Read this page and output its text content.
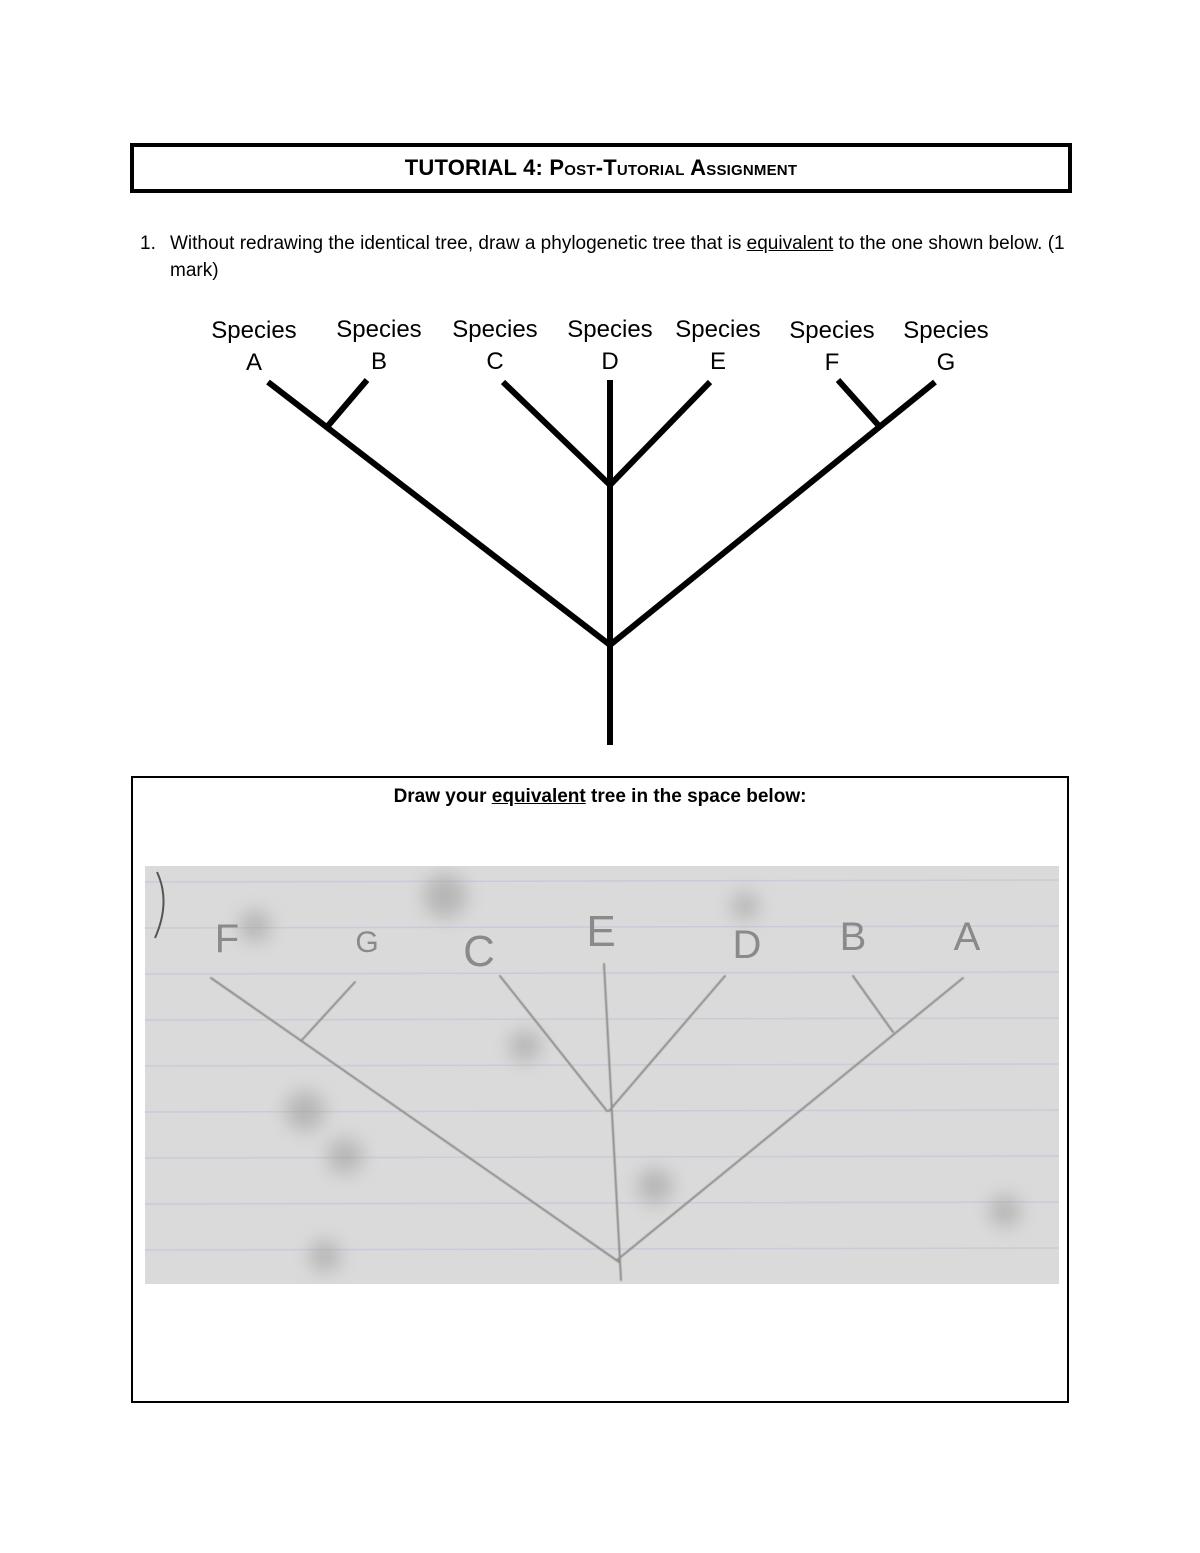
TUTORIAL 4: Post-Tutorial Assignment
1. Without redrawing the identical tree, draw a phylogenetic tree that is equivalent to the one shown below. (1 mark)
Species
A
Species
B
Species
C
Species
D
Species
E
Species
F
Species
G
Draw your equivalent tree in the space below:
F	G C E	D B A
